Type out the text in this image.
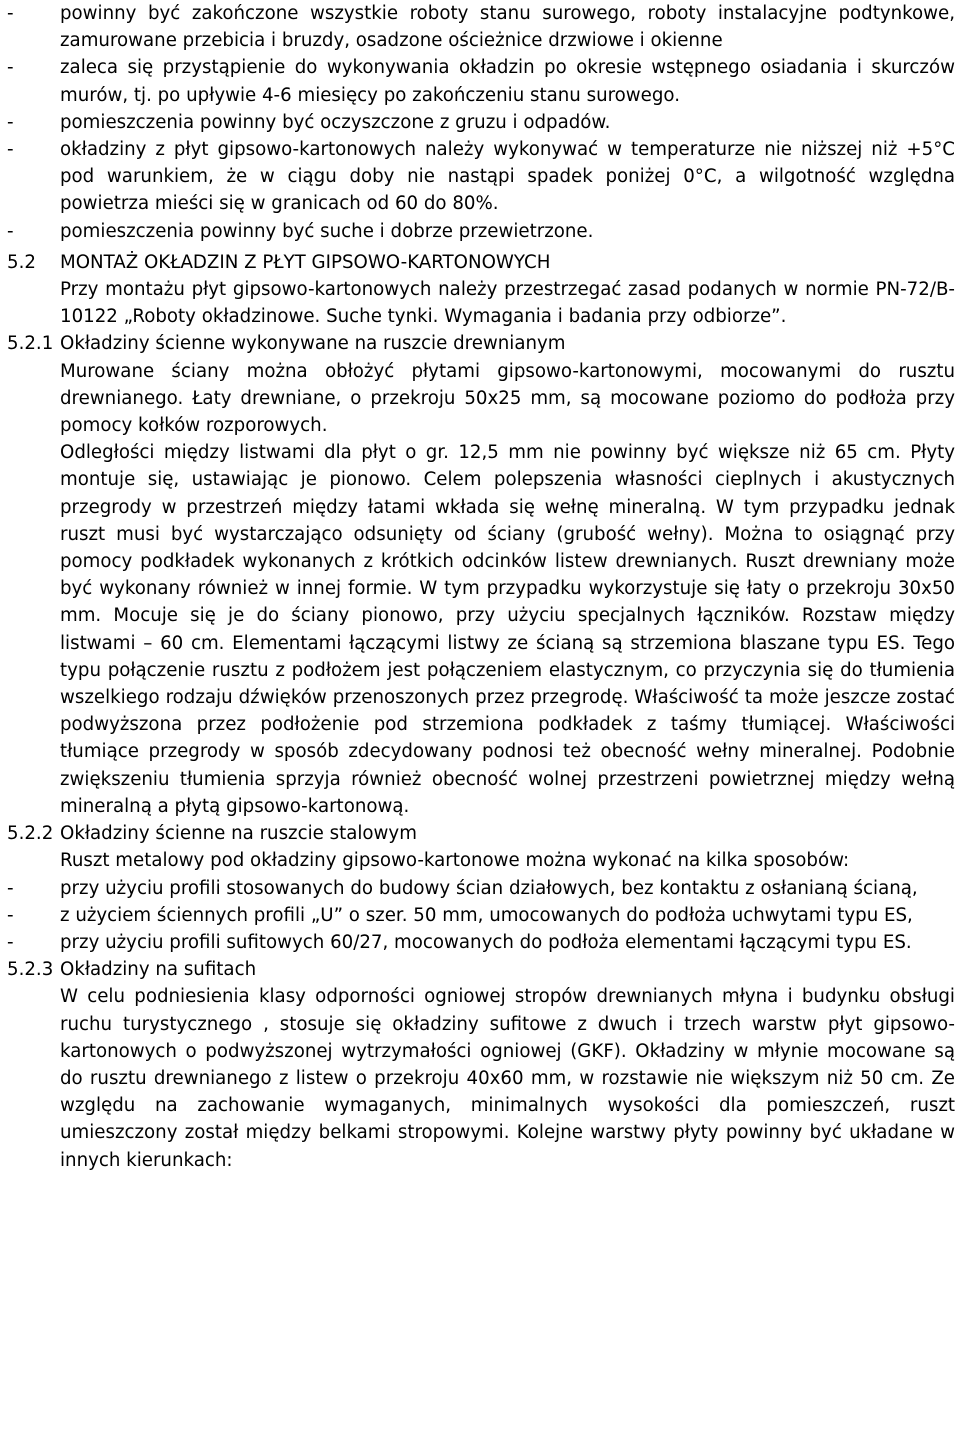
-	powinny być zakończone wszystkie roboty stanu surowego, roboty instalacyjne podtynkowe, zamurowane przebicia i bruzdy, osadzone ościeżnice drzwiowe i okienne
-	zaleca się przystąpienie do wykonywania okładzin po okresie wstępnego osiadania i skurczów murów, tj. po upływie 4-6 miesięcy po zakończeniu stanu surowego.
-	pomieszczenia powinny być oczyszczone z gruzu i odpadów.
-	okładziny z płyt gipsowo-kartonowych należy wykonywać w temperaturze nie niższej niż +5°C pod warunkiem, że w ciągu doby nie nastąpi spadek poniżej 0°C, a wilgotność względna powietrza mieści się w granicach od 60 do 80%.
-	pomieszczenia powinny być suche i dobrze przewietrzone.
5.2	MONTAŻ OKŁADZIN Z PŁYT GIPSOWO-KARTONOWYCH

Przy montażu płyt gipsowo-kartonowych należy przestrzegać zasad podanych w normie PN-72/B-10122 „Roboty okładzinowe. Suche tynki. Wymagania i badania przy odbiorze”.

5.2.1 Okładziny ścienne wykonywane na ruszcie drewnianym

Murowane ściany można obłożyć płytami gipsowo-kartonowymi, mocowanymi do rusztu drewnianego. Łaty drewniane, o przekroju 50x25 mm, są mocowane poziomo do podłoża przy pomocy kołków rozporowych.

Odległości między listwami dla płyt o gr. 12,5 mm nie powinny być większe niż 65 cm. Płyty montuje się, ustawiając je pionowo. Celem polepszenia własności cieplnych i akustycznych przegrody w przestrzeń między łatami wkłada się wełnę mineralną. W tym przypadku jednak ruszt musi być wystarczająco odsunięty od ściany (grubość wełny). Można to osiągnąć przy pomocy podkładek wykonanych z krótkich odcinków listew drewnianych. Ruszt drewniany może być wykonany również w innej formie. W tym przypadku wykorzystuje się łaty o przekroju 30x50 mm. Mocuje się je do ściany pionowo, przy użyciu specjalnych łączników. Rozstaw między listwami – 60 cm. Elementami łączącymi listwy ze ścianą są strzemiona blaszane typu ES. Tego typu połączenie rusztu z podłożem jest połączeniem elastycznym, co przyczynia się do tłumienia wszelkiego rodzaju dźwięków przenoszonych przez przegrodę. Właściwość ta może jeszcze zostać podwyższona przez podłożenie pod strzemiona podkładek z taśmy tłumiącej. Właściwości tłumiące przegrody w sposób zdecydowany podnosi też obecność wełny mineralnej. Podobnie zwiększeniu tłumienia sprzyja również obecność wolnej przestrzeni powietrznej między wełną mineralną a płytą gipsowo-kartonową.

5.2.2 Okładziny ścienne na ruszcie stalowym

Ruszt metalowy pod okładziny gipsowo-kartonowe można wykonać na kilka sposobów:

-	przy użyciu profili stosowanych do budowy ścian działowych, bez kontaktu z osłanianą ścianą,
-	z użyciem ściennych profili „U” o szer. 50 mm, umocowanych do podłoża uchwytami typu ES,
-	przy użyciu profili sufitowych 60/27, mocowanych do podłoża elementami łączącymi typu ES.
5.2.3 Okładziny na sufitach

W celu podniesienia klasy odporności ogniowej stropów drewnianych młyna i budynku obsługi ruchu turystycznego , stosuje się okładziny sufitowe z dwuch i trzech warstw płyt gipsowo-kartonowych o podwyższonej wytrzymałości ogniowej (GKF). Okładziny w młynie mocowane są do rusztu drewnianego z listew o przekroju 40x60 mm, w rozstawie nie większym niż 50 cm. Ze względu na zachowanie wymaganych, minimalnych wysokości dla pomieszczeń, ruszt umieszczony został między belkami stropowymi. Kolejne warstwy płyty powinny być układane w innych kierunkach:
